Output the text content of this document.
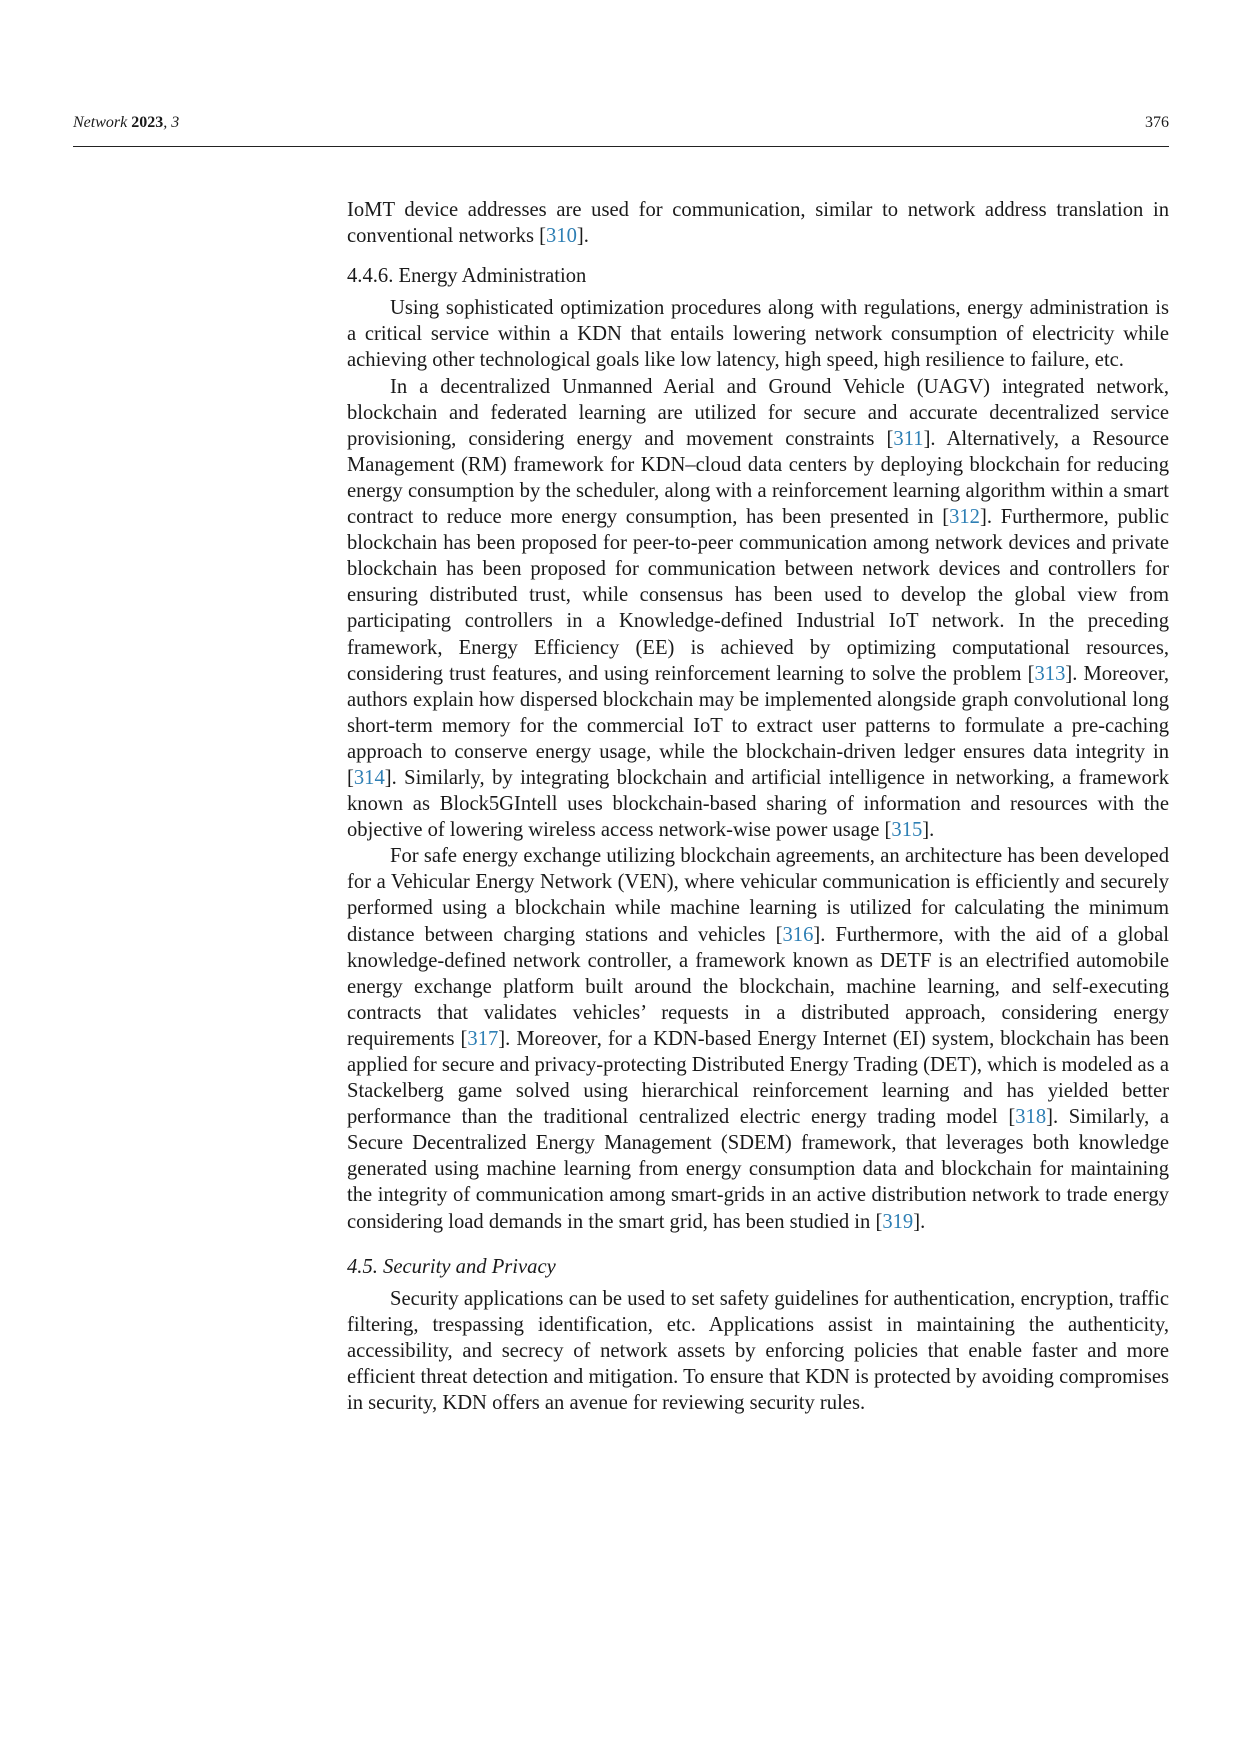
Network 2023, 3	376

IoMT device addresses are used for communication, similar to network address translation in conventional networks [310].

4.4.6. Energy Administration

Using sophisticated optimization procedures along with regulations, energy administration is a critical service within a KDN that entails lowering network consumption of electricity while achieving other technological goals like low latency, high speed, high resilience to failure, etc.

In a decentralized Unmanned Aerial and Ground Vehicle (UAGV) integrated network, blockchain and federated learning are utilized for secure and accurate decentralized service provisioning, considering energy and movement constraints [311]. Alternatively, a Resource Management (RM) framework for KDN–cloud data centers by deploying blockchain for reducing energy consumption by the scheduler, along with a reinforcement learning algorithm within a smart contract to reduce more energy consumption, has been presented in [312]. Furthermore, public blockchain has been proposed for peer-to-peer communication among network devices and private blockchain has been proposed for communication between network devices and controllers for ensuring distributed trust, while consensus has been used to develop the global view from participating controllers in a Knowledge-defined Industrial IoT network. In the preceding framework, Energy Efficiency (EE) is achieved by optimizing computational resources, considering trust features, and using reinforcement learning to solve the problem [313]. Moreover, authors explain how dispersed blockchain may be implemented alongside graph convolutional long short-term memory for the commercial IoT to extract user patterns to formulate a pre-caching approach to conserve energy usage, while the blockchain-driven ledger ensures data integrity in [314]. Similarly, by integrating blockchain and artificial intelligence in networking, a framework known as Block5GIntell uses blockchain-based sharing of information and resources with the objective of lowering wireless access network-wise power usage [315].

For safe energy exchange utilizing blockchain agreements, an architecture has been developed for a Vehicular Energy Network (VEN), where vehicular communication is efficiently and securely performed using a blockchain while machine learning is utilized for calculating the minimum distance between charging stations and vehicles [316]. Furthermore, with the aid of a global knowledge-defined network controller, a framework known as DETF is an electrified automobile energy exchange platform built around the blockchain, machine learning, and self-executing contracts that validates vehicles’ requests in a distributed approach, considering energy requirements [317]. Moreover, for a KDN-based Energy Internet (EI) system, blockchain has been applied for secure and privacy-protecting Distributed Energy Trading (DET), which is modeled as a Stackelberg game solved using hierarchical reinforcement learning and has yielded better performance than the traditional centralized electric energy trading model [318]. Similarly, a Secure Decentralized Energy Management (SDEM) framework, that leverages both knowledge generated using machine learning from energy consumption data and blockchain for maintaining the integrity of communication among smart-grids in an active distribution network to trade energy considering load demands in the smart grid, has been studied in [319].

4.5. Security and Privacy

Security applications can be used to set safety guidelines for authentication, encryption, traffic filtering, trespassing identification, etc. Applications assist in maintaining the authenticity, accessibility, and secrecy of network assets by enforcing policies that enable faster and more efficient threat detection and mitigation. To ensure that KDN is protected by avoiding compromises in security, KDN offers an avenue for reviewing security rules.
